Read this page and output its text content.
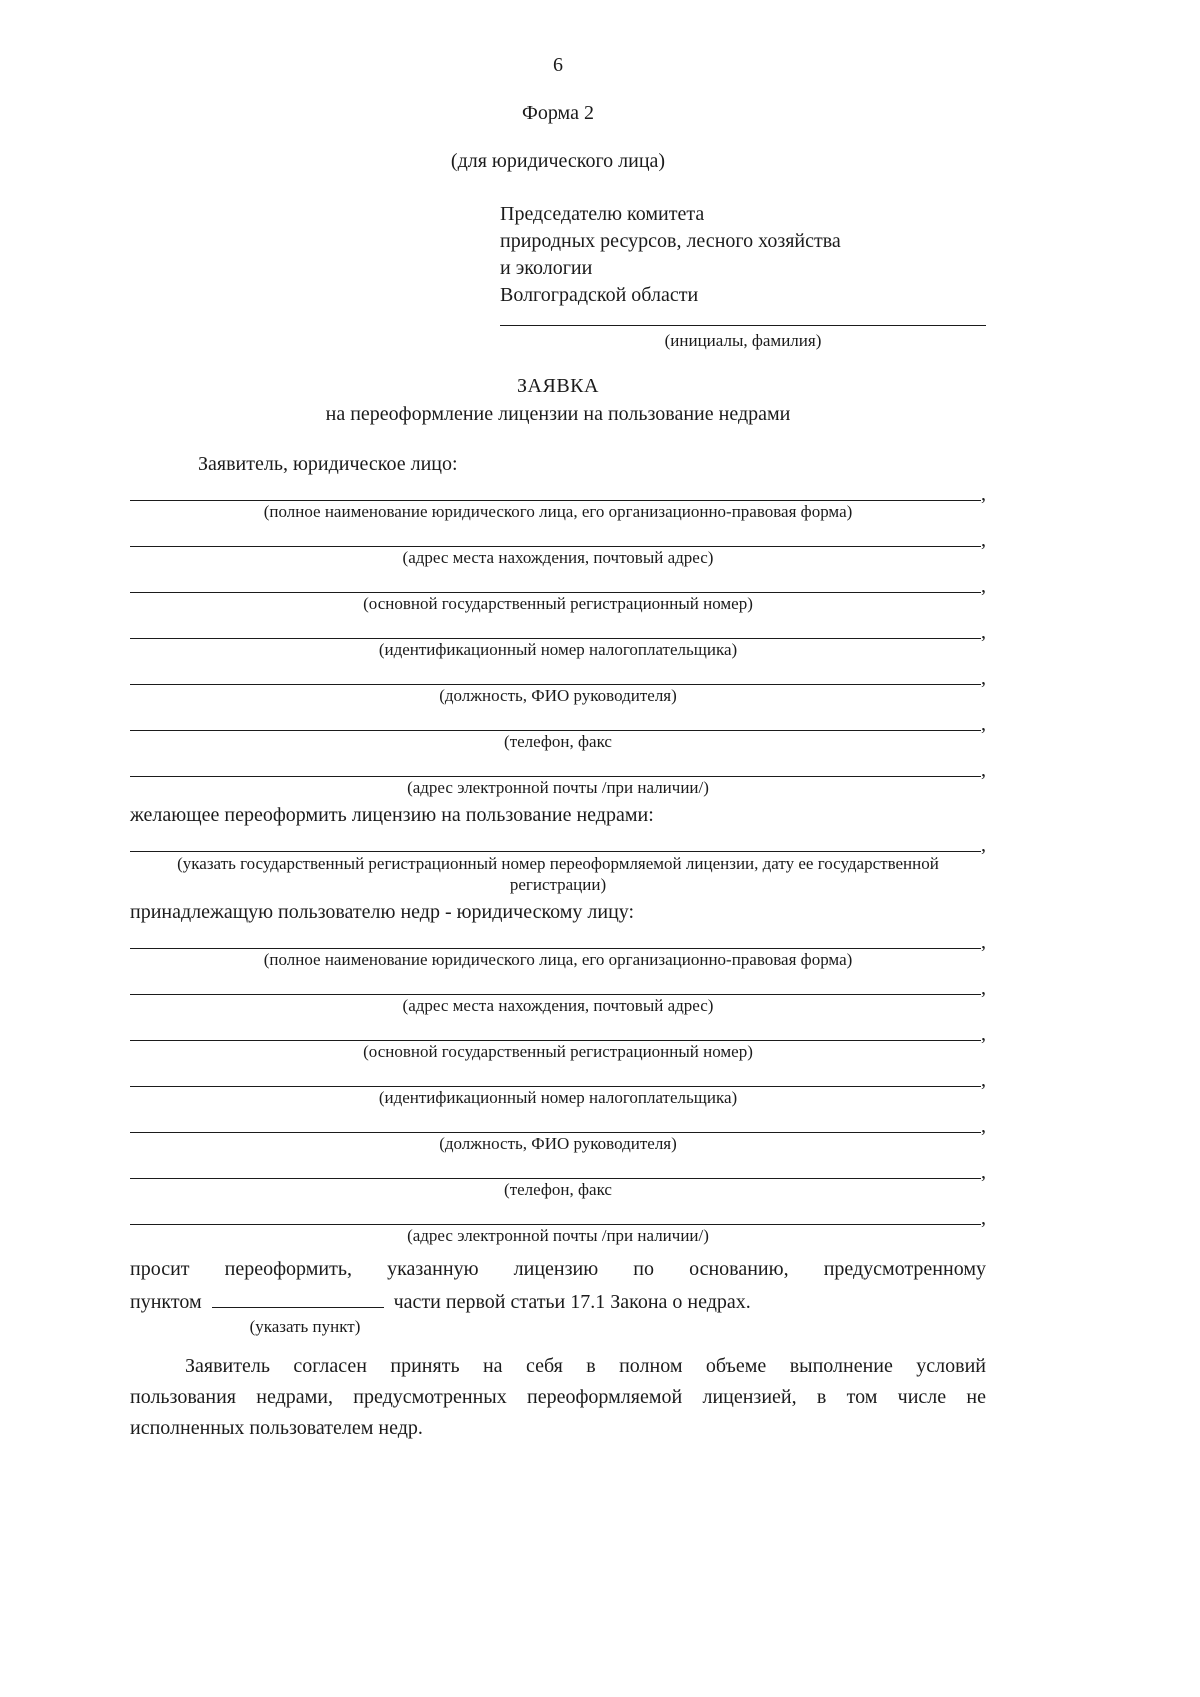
6
Форма 2
(для юридического лица)
Председателю комитета
природных ресурсов, лесного хозяйства
и экологии
Волгоградской области
(инициалы, фамилия)
ЗАЯВКА
на переоформление лицензии на пользование недрами
Заявитель, юридическое лицо:
,
(полное наименование юридического лица, его организационно-правовая форма)
,
(адрес места нахождения, почтовый адрес)
,
(основной государственный регистрационный номер)
,
(идентификационный номер налогоплательщика)
,
(должность, ФИО руководителя)
,
(телефон, факс
,
(адрес электронной почты /при наличии/)
желающее переоформить лицензию на пользование недрами:
,
(указать государственный регистрационный номер переоформляемой лицензии, дату ее государственной
регистрации)
принадлежащую пользователю недр - юридическому лицу:
,
(полное наименование юридического лица, его организационно-правовая форма)
,
(адрес места нахождения, почтовый адрес)
,
(основной государственный регистрационный номер)
,
(идентификационный номер налогоплательщика)
,
(должность, ФИО руководителя)
,
(телефон, факс
,
(адрес электронной почты /при наличии/)
просит переоформить, указанную лицензию по основанию, предусмотренному
пунктом	части первой статьи 17.1 Закона о недрах.
(указать пункт)
Заявитель согласен принять на себя в полном объеме выполнение условий
пользования недрами, предусмотренных переоформляемой лицензией, в том числе не
исполненных пользователем недр.
